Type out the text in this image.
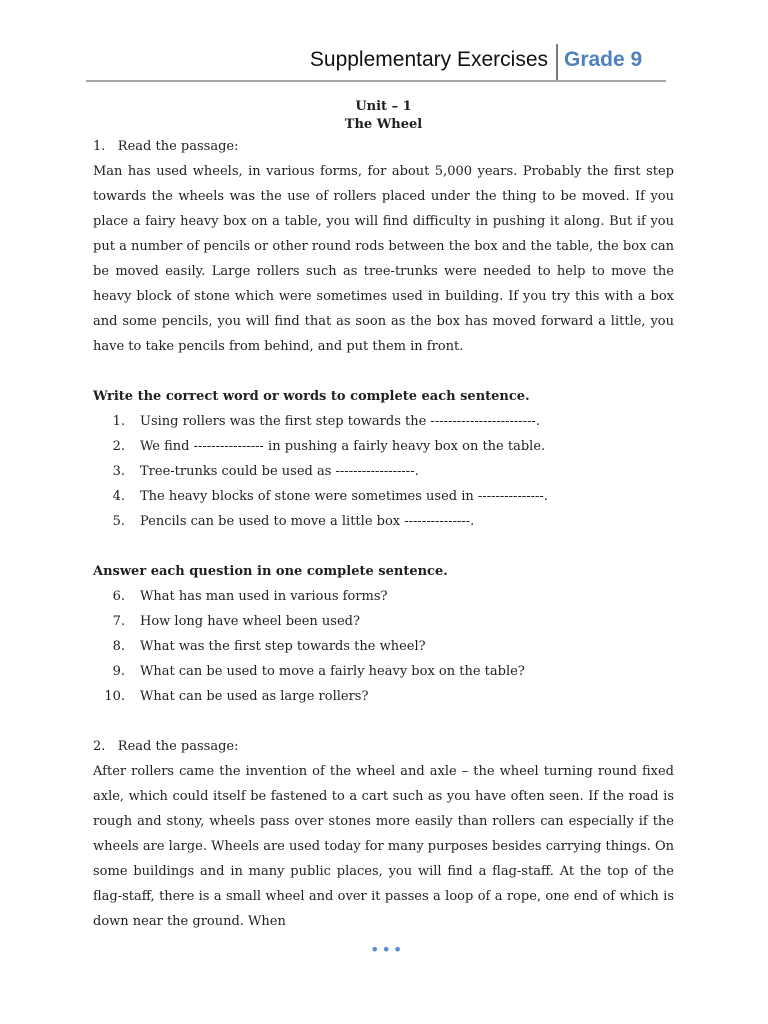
Supplementary Exercises Grade 9
Unit – 1
The Wheel
1.   Read the passage:

Man has used wheels, in various forms, for about 5,000 years. Probably the first step towards the wheels was the use of rollers placed under the thing to be moved. If you place a fairy heavy box on a table, you will find difficulty in pushing it along. But if you put a number of pencils or other round rods between the box and the table, the box can be moved easily. Large rollers such as tree-trunks were needed to help to move the heavy block of stone which were sometimes used in building. If you try this with a box and some pencils, you will find that as soon as the box has moved forward a little, you have to take pencils from behind, and put them in front.

Write the correct word or words to complete each sentence.
1. Using rollers was the first step towards the ------------------------.
2. We find ---------------- in pushing a fairly heavy box on the table.
3. Tree-trunks could be used as ------------------.
4. The heavy blocks of stone were sometimes used in ---------------.
5. Pencils can be used to move a little box ---------------.
Answer each question in one complete sentence.
6. What has man used in various forms?
7. How long have wheel been used?
8. What was the first step towards the wheel?
9. What can be used to move a fairly heavy box on the table?
10. What can be used as large rollers?
2.   Read the passage:

After rollers came the invention of the wheel and axle – the wheel turning round fixed axle, which could itself be fastened to a cart such as you have often seen. If the road is rough and stony, wheels pass over stones more easily than rollers can especially if the wheels are large. Wheels are used today for many purposes besides carrying things. On some buildings and in many public places, you will find a flag-staff. At the top of the flag-staff, there is a small wheel and over it passes a loop of a rope, one end of which is down near the ground. When

•••
